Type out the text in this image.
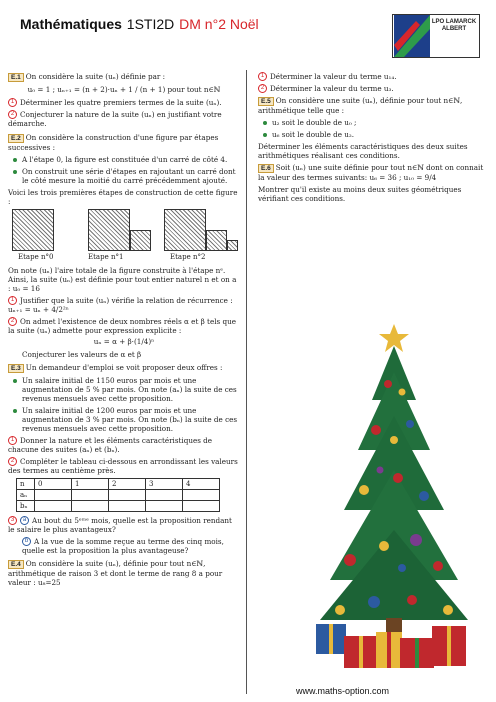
Mathématiques 1STI2D DM n°2 Noël	LPO LAMARCK
ALBERT
E.1 On considère la suite (uₙ) définie par :
u₀ = 1 ; uₙ₊₁ = (n + 2)·uₙ + 1 / (n + 1) pour tout n∈ℕ
1 Déterminer les quatre premiers termes de la suite (uₙ).
2 Conjecturer la nature de la suite (uₙ) en justifiant votre démarche.
E.2 On considère la construction d'une figure par étapes successives :
A l'étape 0, la figure est constituée d'un carré de côté 4.
On construit une série d'étapes en rajoutant un carré dont le côté mesure la moitié du carré précédemment ajouté.
Voici les trois premières étapes de construction de cette figure :
Etape n°0	Etape n°1	Etape n°2
On note (uₙ) l'aire totale de la figure construite à l'étape nᵉ. Ainsi, la suite (uₙ) est définie pour tout entier naturel n et on a : u₀ = 16
1 Justifier que la suite (uₙ) vérifie la relation de récurrence : uₙ₊₁ = uₙ + 4/2²ⁿ
2 On admet l'existence de deux nombres réels α et β tels que la suite (uₙ) admette pour expression explicite :
uₙ = α + β·(1/4)ⁿ
Conjecturer les valeurs de α et β
E.3 Un demandeur d'emploi se voit proposer deux offres :
Un salaire initial de 1150 euros par mois et une augmentation de 5 % par mois. On note (aₙ) la suite de ces revenus mensuels avec cette proposition.
Un salaire initial de 1200 euros par mois et une augmentation de 3 % par mois. On note (bₙ) la suite de ces revenus mensuels avec cette proposition.
1 Donner la nature et les éléments caractéristiques de chacune des suites (aₙ) et (bₙ).
2 Compléter le tableau ci-dessous en arrondissant les valeurs des termes au centième près.
n	0	1	2	3	4
aₙ					
bₙ					
3 a Au bout du 5ᵉᵐᵉ mois, quelle est la proposition rendant le salaire le plus avantageux?
b A la vue de la somme reçue au terme des cinq mois, quelle est la proposition la plus avantageuse?
E.4 On considère la suite (uₙ), définie pour tout n∈ℕ, arithmétique de raison 3 et dont le terme de rang 8 a pour valeur : u₈=25
1 Déterminer la valeur du terme u₁₄.
2 Déterminer la valeur du terme u₃.
E.5 On considère une suite (uₙ), définie pour tout n∈ℕ, arithmétique telle que :
u₂ soit le double de u₀ ;
u₆ soit le double de u₂.
Déterminer les éléments caractéristiques des deux suites arithmétiques réalisant ces conditions.
E.6 Soit (uₙ) une suite définie pour tout n∈ℕ dont on connait la valeur des termes suivants: u₆ = 36 ; u₁₀ = 9/4
Montrer qu'il existe au moins deux suites géométriques vérifiant ces conditions.
www.maths-option.com
